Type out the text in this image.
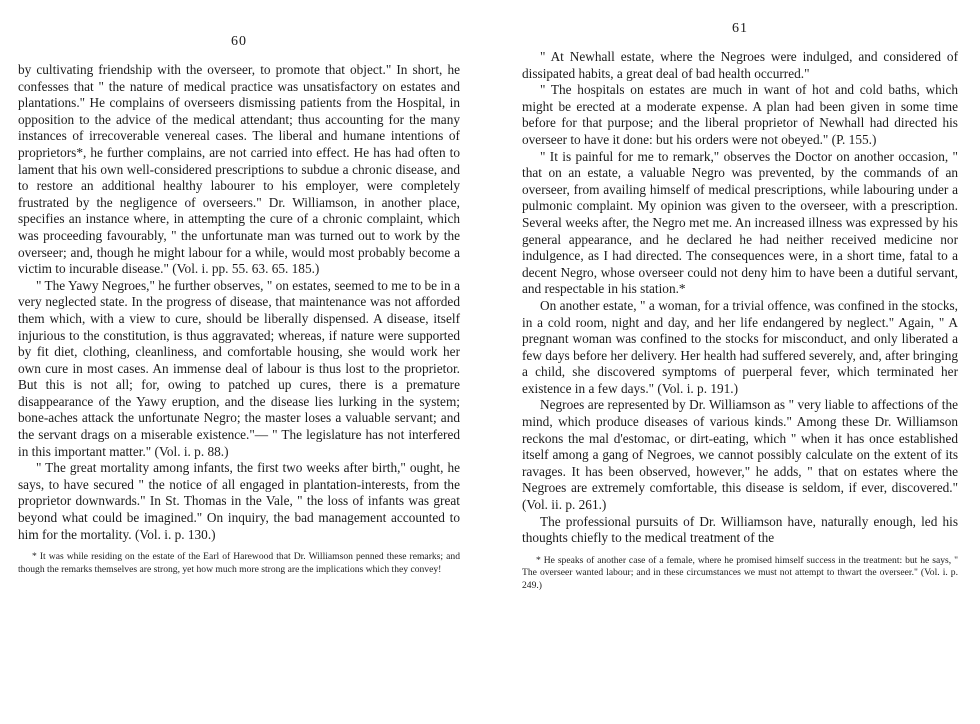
60

by cultivating friendship with the overseer, to promote that object." In short, he confesses that " the nature of medical practice was unsatisfactory on estates and plantations." He complains of overseers dismissing patients from the Hospital, in opposition to the advice of the medical attendant; thus accounting for the many instances of irrecoverable venereal cases. The liberal and humane intentions of proprietors*, he further complains, are not carried into effect. He has had often to lament that his own well-considered prescriptions to subdue a chronic disease, and to restore an additional healthy labourer to his employer, were completely frustrated by the negligence of overseers." Dr. Williamson, in another place, specifies an instance where, in attempting the cure of a chronic complaint, which was proceeding favourably, " the unfortunate man was turned out to work by the overseer; and, though he might labour for a while, would most probably become a victim to incurable disease." (Vol. i. pp. 55. 63. 65. 185.)

" The Yawy Negroes," he further observes, " on estates, seemed to me to be in a very neglected state. In the progress of disease, that maintenance was not afforded them which, with a view to cure, should be liberally dispensed. A disease, itself injurious to the constitution, is thus aggravated; whereas, if nature were supported by fit diet, clothing, cleanliness, and comfortable housing, she would work her own cure in most cases. An immense deal of labour is thus lost to the proprietor. But this is not all; for, owing to patched up cures, there is a premature disappearance of the Yawy eruption, and the disease lies lurking in the system; bone-aches attack the unfortunate Negro; the master loses a valuable servant; and the servant drags on a miserable existence."— " The legislature has not interfered in this important matter." (Vol. i. p. 88.)

" The great mortality among infants, the first two weeks after birth," ought, he says, to have secured " the notice of all engaged in plantation-interests, from the proprietor downwards." In St. Thomas in the Vale, " the loss of infants was great beyond what could be imagined." On inquiry, the bad management accounted to him for the mortality. (Vol. i. p. 130.)

* It was while residing on the estate of the Earl of Harewood that Dr. Williamson penned these remarks; and though the remarks themselves are strong, yet how much more strong are the implications which they convey!

61

" At Newhall estate, where the Negroes were indulged, and considered of dissipated habits, a great deal of bad health occurred."

" The hospitals on estates are much in want of hot and cold baths, which might be erected at a moderate expense. A plan had been given in some time before for that purpose; and the liberal proprietor of Newhall had directed his overseer to have it done: but his orders were not obeyed." (P. 155.)

" It is painful for me to remark," observes the Doctor on another occasion, " that on an estate, a valuable Negro was prevented, by the commands of an overseer, from availing himself of medical prescriptions, while labouring under a pulmonic complaint. My opinion was given to the overseer, with a prescription. Several weeks after, the Negro met me. An increased illness was expressed by his general appearance, and he declared he had neither received medicine nor indulgence, as I had directed. The consequences were, in a short time, fatal to a decent Negro, whose overseer could not deny him to have been a dutiful servant, and respectable in his station.*

On another estate, " a woman, for a trivial offence, was confined in the stocks, in a cold room, night and day, and her life endangered by neglect." Again, " A pregnant woman was confined to the stocks for misconduct, and only liberated a few days before her delivery. Her health had suffered severely, and, after bringing a child, she discovered symptoms of puerperal fever, which terminated her existence in a few days." (Vol. i. p. 191.)

Negroes are represented by Dr. Williamson as " very liable to affections of the mind, which produce diseases of various kinds." Among these Dr. Williamson reckons the mal d'estomac, or dirt-eating, which " when it has once established itself among a gang of Negroes, we cannot possibly calculate on the extent of its ravages. It has been observed, however," he adds, " that on estates where the Negroes are extremely comfortable, this disease is seldom, if ever, discovered." (Vol. ii. p. 261.)

The professional pursuits of Dr. Williamson have, naturally enough, led his thoughts chiefly to the medical treatment of the

* He speaks of another case of a female, where he promised himself success in the treatment: but he says, " The overseer wanted labour; and in these circumstances we must not attempt to thwart the overseer." (Vol. i. p. 249.)
